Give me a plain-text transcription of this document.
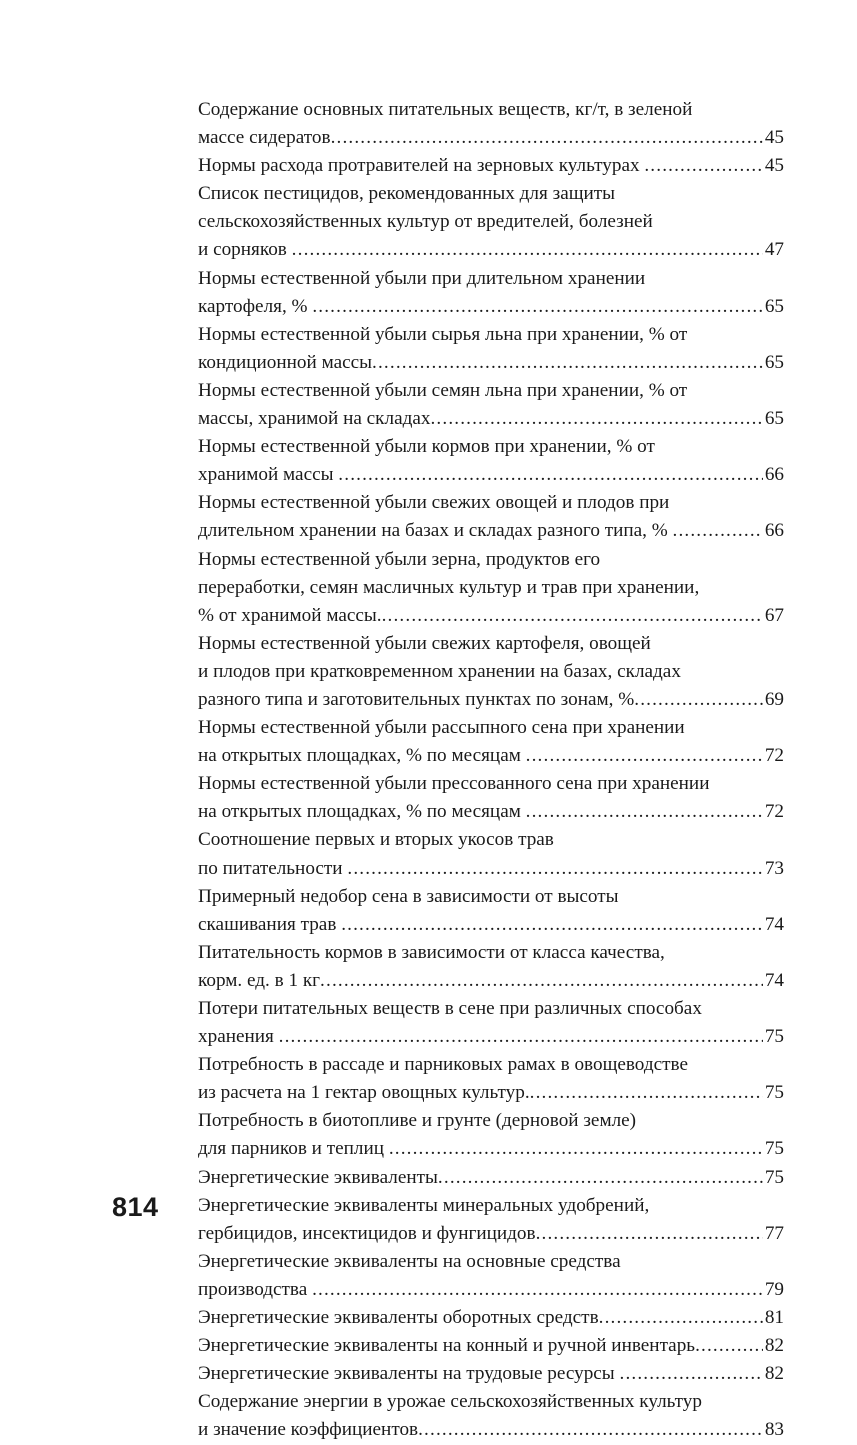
Содержание основных питательных веществ, кг/т, в зеленой
массе сидератов .....	45
Нормы расхода протравителей на зерновых культурах .....	45
Список пестицидов, рекомендованных для защиты
сельскохозяйственных культур от вредителей, болезней
и сорняков .....	47
Нормы естественной убыли при длительном хранении
картофеля, % .....	65
Нормы естественной убыли сырья льна при хранении, % от
кондиционной массы .....	65
Нормы естественной убыли семян льна при хранении, % от
массы, хранимой на складах .....	65
Нормы естественной убыли кормов при хранении, % от
хранимой массы .....	66
Нормы естественной убыли свежих овощей и плодов при
длительном хранении на базах и складах разного типа, % .....	66
Нормы естественной убыли зерна, продуктов его
переработки, семян масличных культур и трав при хранении,
% от хранимой массы. .....	67
Нормы естественной убыли свежих картофеля, овощей
и плодов при кратковременном хранении на базах, складах
разного типа и заготовительных пунктах по зонам, % .....	69
Нормы естественной убыли рассыпного сена при хранении
на открытых площадках, % по месяцам .....	72
Нормы естественной убыли прессованного сена при хранении
на открытых площадках, % по месяцам .....	72
Соотношение первых и вторых укосов трав
по питательности .....	73
Примерный недобор сена в зависимости от высоты
скашивания трав .....	74
Питательность кормов в зависимости от класса качества,
корм. ед. в 1 кг .....	74
Потери питательных веществ в сене при различных способах
хранения .....	75
Потребность в рассаде и парниковых рамах в овощеводстве
из расчета на 1 гектар овощных культур. .....	75
Потребность в биотопливе и грунте (дерновой земле)
для парников и теплиц .....	75
Энергетические эквиваленты .....	75
Энергетические эквиваленты минеральных удобрений,
гербицидов, инсектицидов и фунгицидов .....	77
Энергетические эквиваленты на основные средства
производства .....	79
Энергетические эквиваленты оборотных средств .....	81
Энергетические эквиваленты на конный и ручной инвентарь .....	82
Энергетические эквиваленты на трудовые ресурсы .....	82
Содержание энергии в урожае сельскохозяйственных культур
и значение коэффициентов .....	83
814
